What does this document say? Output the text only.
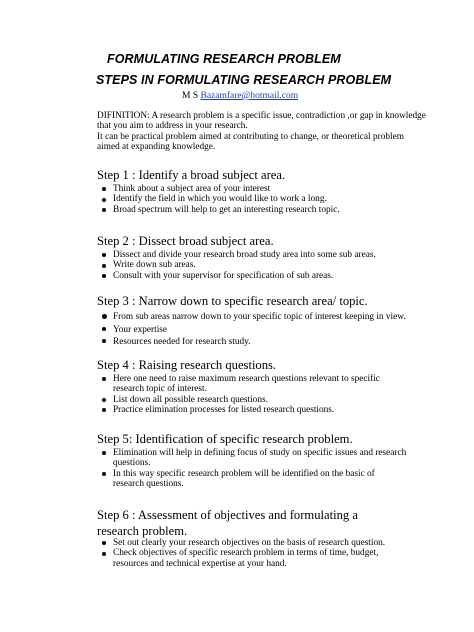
FORMULATING RESEARCH PROBLEM
STEPS IN FORMULATING RESEARCH PROBLEM
M S Bazamfare@hotmail.com
DIFINITION: A research problem is a specific issue, contradiction ,or gap in knowledge that you aim to address in your research.
It can be practical problem aimed at contributing to change, or theoretical problem aimed at expanding knowledge.
Step 1 : Identify a broad subject area.
Think about a subject area of your interest
Identify the field in which you would like to work a long.
Broad spectrum will help to get an interesting research topic.
Step 2 : Dissect broad subject area.
Dissect and divide your research broad study area into some sub areas.
Write down sub areas.
Consult with your supervisor for specification of sub areas.
Step 3 : Narrow down to specific research area/ topic.
From sub areas narrow down to your specific topic of interest keeping in view.
Your expertise
Resources needed for research study.
Step 4 : Raising research questions.
Here one need to raise maximum research questions relevant to specific research topic of interest.
List down all possible research questions.
Practice elimination processes for listed research questions.
Step 5: Identification of specific research problem.
Elimination will help in defining focus of study on specific issues and research questions.
In this way specific research problem will be identified on the basic of research questions.
Step 6 : Assessment of objectives and formulating a research problem.
Set out clearly your research objectives on the basis of research question.
Check objectives of specific research problem in terms of time, budget, resources and technical expertise at your hand.
